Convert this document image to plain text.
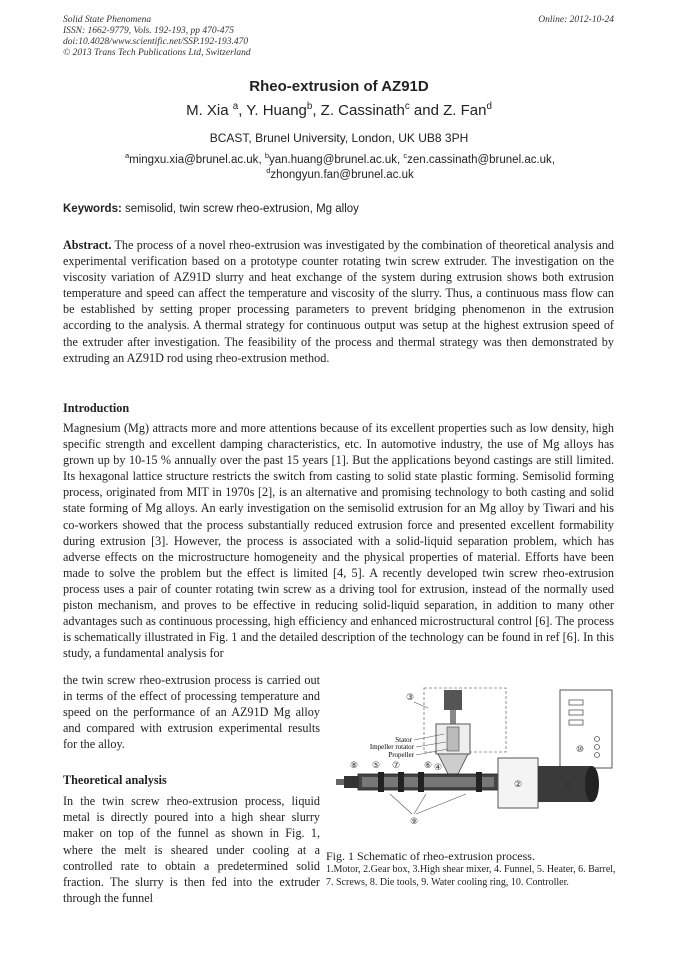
Solid State Phenomena
ISSN: 1662-9779, Vols. 192-193, pp 470-475
doi:10.4028/www.scientific.net/SSP.192-193.470
© 2013 Trans Tech Publications Ltd, Switzerland
Online: 2012-10-24
Rheo-extrusion of AZ91D
M. Xia $^a$, Y. Huang$^b$, Z. Cassinath$^c$ and Z. Fan$^d$
BCAST, Brunel University, London, UK UB8 3PH
$^a$mingxu.xia@brunel.ac.uk, $^b$yan.huang@brunel.ac.uk, $^c$zen.cassinath@brunel.ac.uk,
$^d$zhongyun.fan@brunel.ac.uk
Keywords: semisolid, twin screw rheo-extrusion, Mg alloy
Abstract. The process of a novel rheo-extrusion was investigated by the combination of theoretical analysis and experimental verification based on a prototype counter rotating twin screw extruder. The investigation on the viscosity variation of AZ91D slurry and heat exchange of the system during extrusion shows both extrusion temperature and speed can affect the temperature and viscosity of the slurry. Thus, a continuous mass flow can be established by setting proper processing parameters to prevent bridging phenomenon in the extrusion according to the analysis. A thermal strategy for continuous output was setup at the highest extrusion speed of the extruder after investigation. The feasibility of the process and thermal strategy was then demonstrated by extruding an AZ91D rod using rheo-extrusion method.
Introduction
Magnesium (Mg) attracts more and more attentions because of its excellent properties such as low density, high specific strength and excellent damping characteristics, etc. In automotive industry, the use of Mg alloys has grown up by 10-15 % annually over the past 15 years [1]. But the applications beyond castings are still limited. Its hexagonal lattice structure restricts the switch from casting to solid state plastic forming. Semisolid forming process, originated from MIT in 1970s [2], is an alternative and promising technology to both casting and solid state forming of Mg alloys. An early investigation on the semisolid extrusion for an Mg alloy by Tiwari and his co-workers showed that the process substantially reduced extrusion force and presented excellent formability during extrusion [3]. However, the process is associated with a solid-liquid separation problem, which has adverse effects on the microstructure homogeneity and the physical properties of material. Efforts have been made to solve the problem but the effect is limited [4, 5]. A recently developed twin screw rheo-extrusion process uses a pair of counter rotating twin screw as a driving tool for extrusion, instead of the normally used piston mechanism, and proves to be effective in reducing solid-liquid separation, in addition to many other advantages such as continuous processing, high efficiency and enhanced microstructural control [6]. The process is schematically illustrated in Fig. 1 and the detailed description of the technology can be found in ref [6]. In this study, a fundamental analysis for
the twin screw rheo-extrusion process is carried out in terms of the effect of processing temperature and speed on the performance of an AZ91D Mg alloy and compared with extrusion experimental results for the alloy.
Theoretical analysis
In the twin screw rheo-extrusion process, liquid metal is directly poured into a high shear slurry maker on top of the funnel as shown in Fig. 1, where the melt is sheared under cooling at a controlled rate to obtain a predetermined solid fraction. The slurry is then fed into the extruder through the funnel
Stator
Impeller rotator
Propeller
①
②
③
④
⑤	⑥
⑦
⑧
⑨
⑩
Fig. 1 Schematic of rheo-extrusion process.
1.Motor, 2.Gear box, 3.High shear mixer, 4. Funnel, 5. Heater, 6. Barrel, 7. Screws, 8. Die tools, 9. Water cooling ring, 10. Controller.
